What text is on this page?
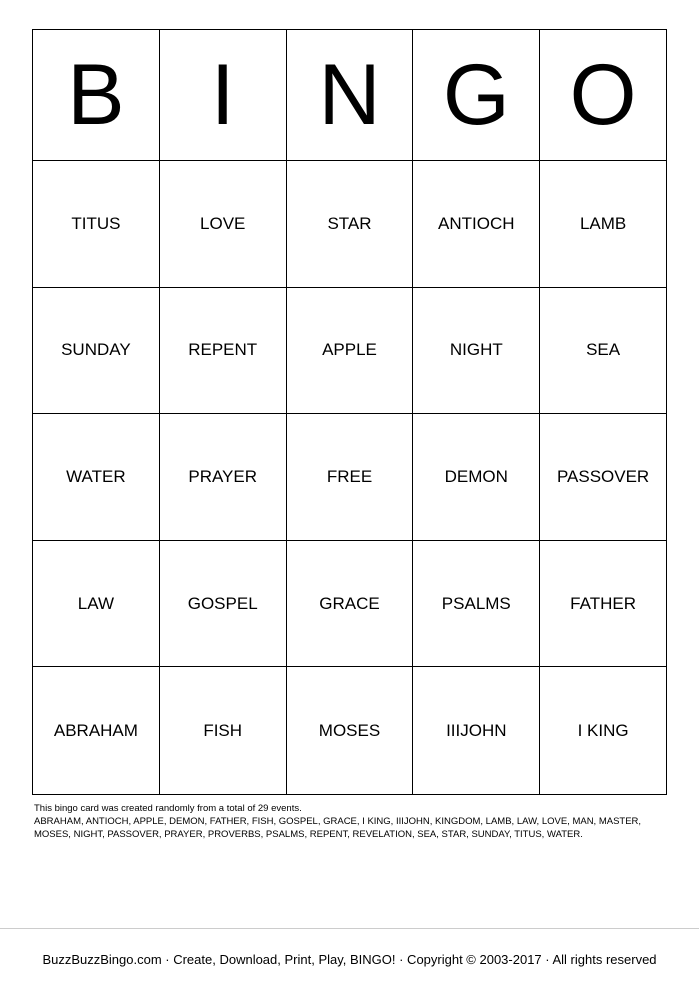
B	I N G O
TITUS	LOVE	STAR	ANTIOCH	LAMB
SUNDAY	REPENT	APPLE	NIGHT	SEA
WATER	PRAYER	FREE	DEMON	PASSOVER
LAW	GOSPEL	GRACE	PSALMS	FATHER
ABRAHAM	FISH	MOSES	IIIJOHN	I KING
This bingo card was created randomly from a total of 29 events.
ABRAHAM, ANTIOCH, APPLE, DEMON, FATHER, FISH, GOSPEL, GRACE, I KING, IIIJOHN, KINGDOM, LAMB, LAW, LOVE, MAN, MASTER, MOSES, NIGHT, PASSOVER, PRAYER, PROVERBS, PSALMS, REPENT, REVELATION, SEA, STAR, SUNDAY, TITUS, WATER.
BuzzBuzzBingo.com · Create, Download, Print, Play, BINGO! · Copyright © 2003-2017 · All rights reserved
